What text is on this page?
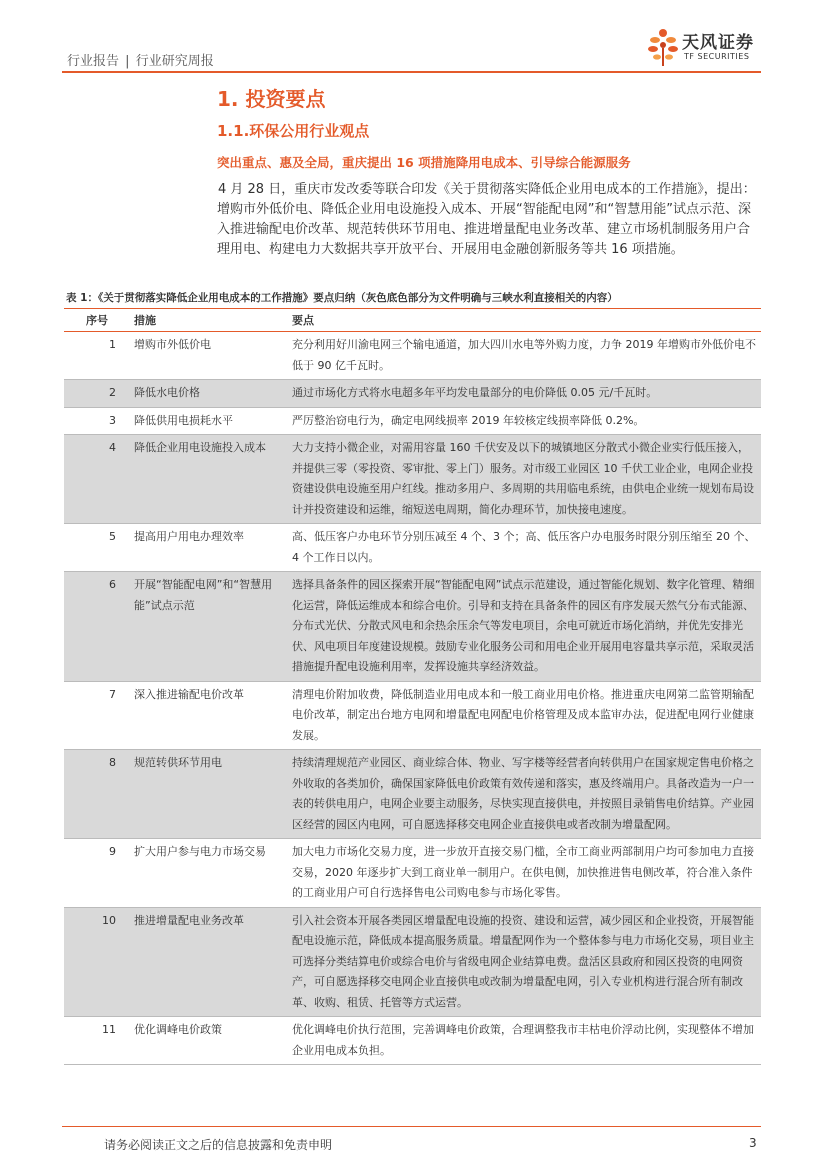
行业报告 | 行业研究周报
天风证券
TF SECURITIES
1. 投资要点
1.1.环保公用行业观点
突出重点、惠及全局，重庆提出 16 项措施降用电成本、引导综合能源服务
4 月 28 日，重庆市发改委等联合印发《关于贯彻落实降低企业用电成本的工作措施》，提出：增购市外低价电、降低企业用电设施投入成本、开展“智能配电网”和“智慧用能”试点示范、深入推进输配电价改革、规范转供环节用电、推进增量配电业务改革、建立市场机制服务用户合理用电、构建电力大数据共享开放平台、开展用电金融创新服务等共 16 项措施。
表 1：《关于贯彻落实降低企业用电成本的工作措施》要点归纳（灰色底色部分为文件明确与三峡水利直接相关的内容）
序号	措施	要点
1	增购市外低价电	充分利用好川渝电网三个输电通道，加大四川水电等外购力度，力争 2019 年增购市外低价电不低于 90 亿千瓦时。
2	降低水电价格	通过市场化方式将水电超多年平均发电量部分的电价降低 0.05 元/千瓦时。
3	降低供用电损耗水平	严厉整治窃电行为，确定电网线损率 2019 年较核定线损率降低 0.2%。
4	降低企业用电设施投入成本	大力支持小微企业，对需用容量 160 千伏安及以下的城镇地区分散式小微企业实行低压接入，并提供三零（零投资、零审批、零上门）服务。对市级工业园区 10 千伏工业企业，电网企业投资建设供电设施至用户红线。推动多用户、多周期的共用临电系统，由供电企业统一规划布局设计并投资建设和运维，缩短送电周期，简化办理环节，加快接电速度。
5	提高用户用电办理效率	高、低压客户办电环节分别压减至 4 个、3 个；高、低压客户办电服务时限分别压缩至 20 个、4 个工作日以内。
6	开展“智能配电网”和“智慧用能”试点示范	选择具备条件的园区探索开展“智能配电网”试点示范建设，通过智能化规划、数字化管理、精细化运营，降低运维成本和综合电价。引导和支持在具备条件的园区有序发展天然气分布式能源、分布式光伏、分散式风电和余热余压余气等发电项目，余电可就近市场化消纳，并优先安排光伏、风电项目年度建设规模。鼓励专业化服务公司和用电企业开展用电容量共享示范，采取灵活措施提升配电设施利用率，发挥设施共享经济效益。
7	深入推进输配电价改革	清理电价附加收费，降低制造业用电成本和一般工商业用电价格。推进重庆电网第二监管期输配电价改革，制定出台地方电网和增量配电网配电价格管理及成本监审办法，促进配电网行业健康发展。
8	规范转供环节用电	持续清理规范产业园区、商业综合体、物业、写字楼等经营者向转供用户在国家规定售电价格之外收取的各类加价，确保国家降低电价政策有效传递和落实，惠及终端用户。具备改造为一户一表的转供电用户，电网企业要主动服务，尽快实现直接供电，并按照目录销售电价结算。产业园区经营的园区内电网，可自愿选择移交电网企业直接供电或者改制为增量配网。
9	扩大用户参与电力市场交易	加大电力市场化交易力度，进一步放开直接交易门槛，全市工商业两部制用户均可参加电力直接交易，2020 年逐步扩大到工商业单一制用户。在供电侧，加快推进售电侧改革，符合准入条件的工商业用户可自行选择售电公司购电参与市场化零售。
10	推进增量配电业务改革	引入社会资本开展各类园区增量配电设施的投资、建设和运营，减少园区和企业投资，开展智能配电设施示范，降低成本提高服务质量。增量配网作为一个整体参与电力市场化交易，项目业主可选择分类结算电价或综合电价与省级电网企业结算电费。盘活区县政府和园区投资的电网资产，可自愿选择移交电网企业直接供电或改制为增量配电网，引入专业机构进行混合所有制改革、收购、租赁、托管等方式运营。
11	优化调峰电价政策	优化调峰电价执行范围，完善调峰电价政策，合理调整我市丰枯电价浮动比例，实现整体不增加企业用电成本负担。
请务必阅读正文之后的信息披露和免责申明	3
